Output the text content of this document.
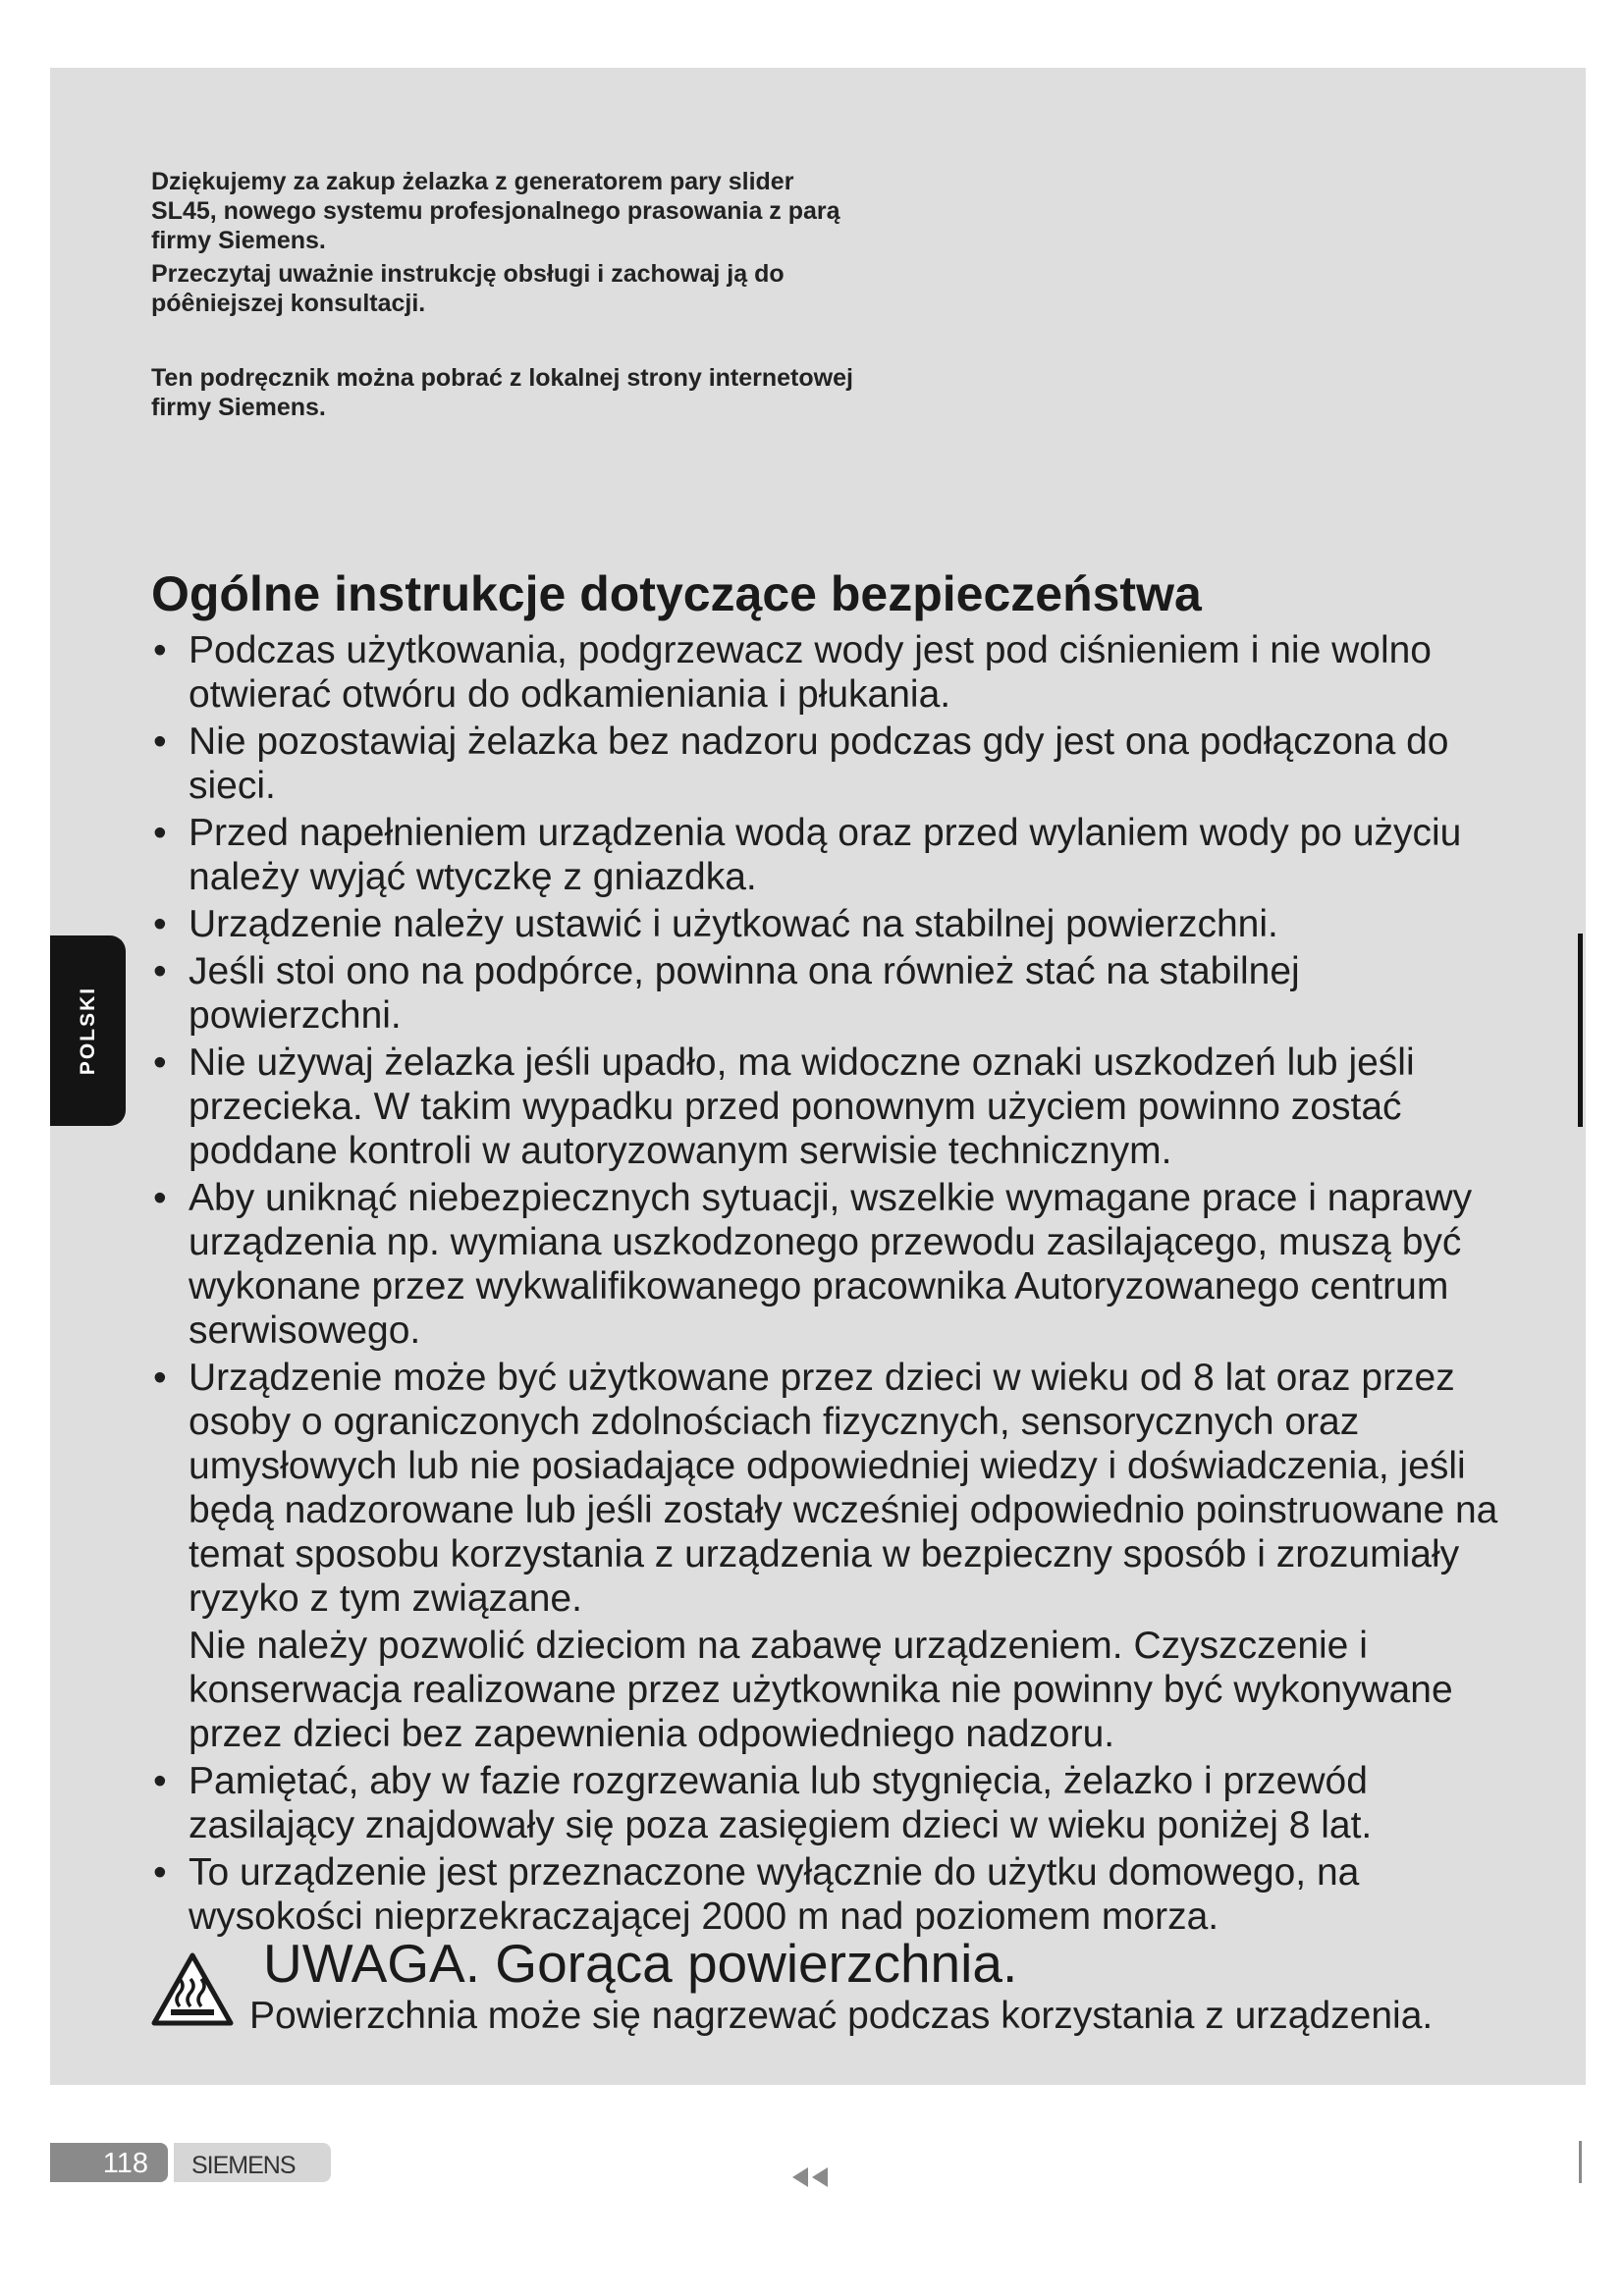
Dziękujemy za zakup żelazka z generatorem pary slider SL45, nowego systemu profesjonalnego prasowania z parą firmy Siemens.

Przeczytaj uważnie instrukcję obsługi i zachowaj ją do póêniejszej konsultacji.

Ten podręcznik można pobrać z lokalnej strony internetowej firmy Siemens.

Ogólne instrukcje dotyczące bezpieczeństwa
• Podczas użytkowania, podgrzewacz wody jest pod ciśnieniem i nie wolno otwierać otwóru do odkamieniania i płukania.
• Nie pozostawiaj żelazka bez nadzoru podczas gdy jest ona podłączona do sieci.
• Przed napełnieniem urządzenia wodą oraz przed wylaniem wody po użyciu należy wyjąć wtyczkę z gniazdka.
• Urządzenie należy ustawić i użytkować na stabilnej powierzchni.
• Jeśli stoi ono na podpórce, powinna ona również stać na stabilnej powierzchni.
• Nie używaj żelazka jeśli upadło, ma widoczne oznaki uszkodzeń lub jeśli przecieka. W takim wypadku przed ponownym użyciem powinno zostać poddane kontroli w autoryzowanym serwisie technicznym.
• Aby uniknąć niebezpiecznych sytuacji, wszelkie wymagane prace i naprawy urządzenia np. wymiana uszkodzonego przewodu zasilającego, muszą być wykonane przez wykwalifikowanego pracownika Autoryzowanego centrum serwisowego.
• Urządzenie może być użytkowane przez dzieci w wieku od 8 lat oraz przez osoby o ograniczonych zdolnościach fizycznych, sensorycznych oraz umysłowych lub nie posiadające odpowiedniej wiedzy i doświadczenia, jeśli będą nadzorowane lub jeśli zostały wcześniej odpowiednio poinstruowane na temat sposobu korzystania z urządzenia w bezpieczny sposób i zrozumiały ryzyko z tym związane.
Nie należy pozwolić dzieciom na zabawę urządzeniem. Czyszczenie i konserwacja realizowane przez użytkownika nie powinny być wykonywane przez dzieci bez zapewnienia odpowiedniego nadzoru.
• Pamiętać, aby w fazie rozgrzewania lub stygnięcia, żelazko i przewód zasilający znajdowały się poza zasięgiem dzieci w wieku poniżej 8 lat.
• To urządzenie jest przeznaczone wyłącznie do użytku domowego, na wysokości nieprzekraczającej 2000 m nad poziomem morza.
UWAGA. Gorąca powierzchnia.
Powierzchnia może się nagrzewać podczas korzystania z urządzenia.
POLSKI
118 SIEMENS
